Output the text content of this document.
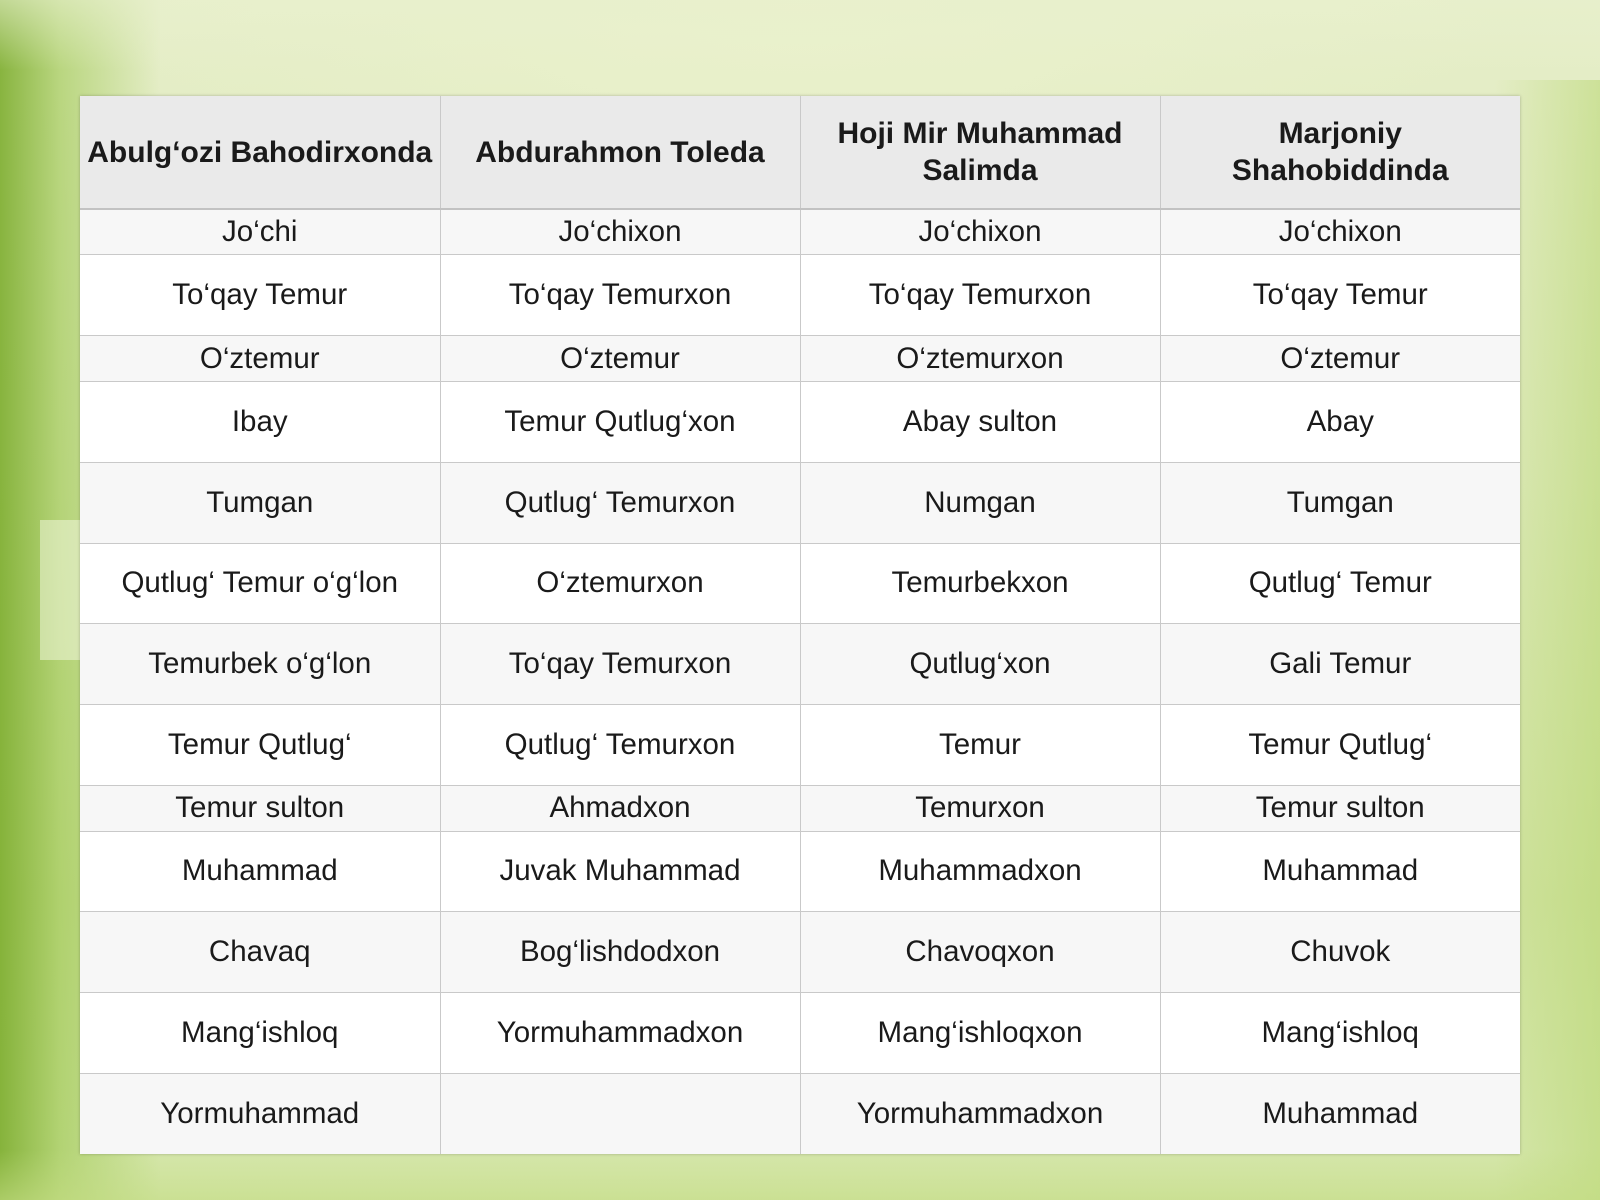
Abulg‘ozi Bahodirxonda	Abdurahmon Toleda	Hoji Mir Muhammad Salimda	Marjoniy Shahobiddinda
Jo‘chi	Jo‘chixon	Jo‘chixon	Jo‘chixon
To‘qay Temur	To‘qay Temurxon	To‘qay Temurxon	To‘qay Temur
O‘ztemur	O‘ztemur	O‘ztemurxon	O‘ztemur
Ibay	Temur Qutlug‘xon	Abay sulton	Abay
Tumgan	Qutlug‘ Temurxon	Numgan	Tumgan
Qutlug‘ Temur o‘g‘lon	O‘ztemurxon	Temurbekxon	Qutlug‘ Temur
Temurbek o‘g‘lon	To‘qay Temurxon	Qutlug‘xon	Gali Temur
Temur Qutlug‘	Qutlug‘ Temurxon	Temur	Temur Qutlug‘
Temur sulton	Ahmadxon	Temurxon	Temur sulton
Muhammad	Juvak Muhammad	Muhammadxon	Muhammad
Chavaq	Bog‘lishdodxon	Chavoqxon	Chuvok
Mang‘ishloq	Yormuhammadxon	Mang‘ishloqxon	Mang‘ishloq
Yormuhammad		Yormuhammadxon	Muhammad
